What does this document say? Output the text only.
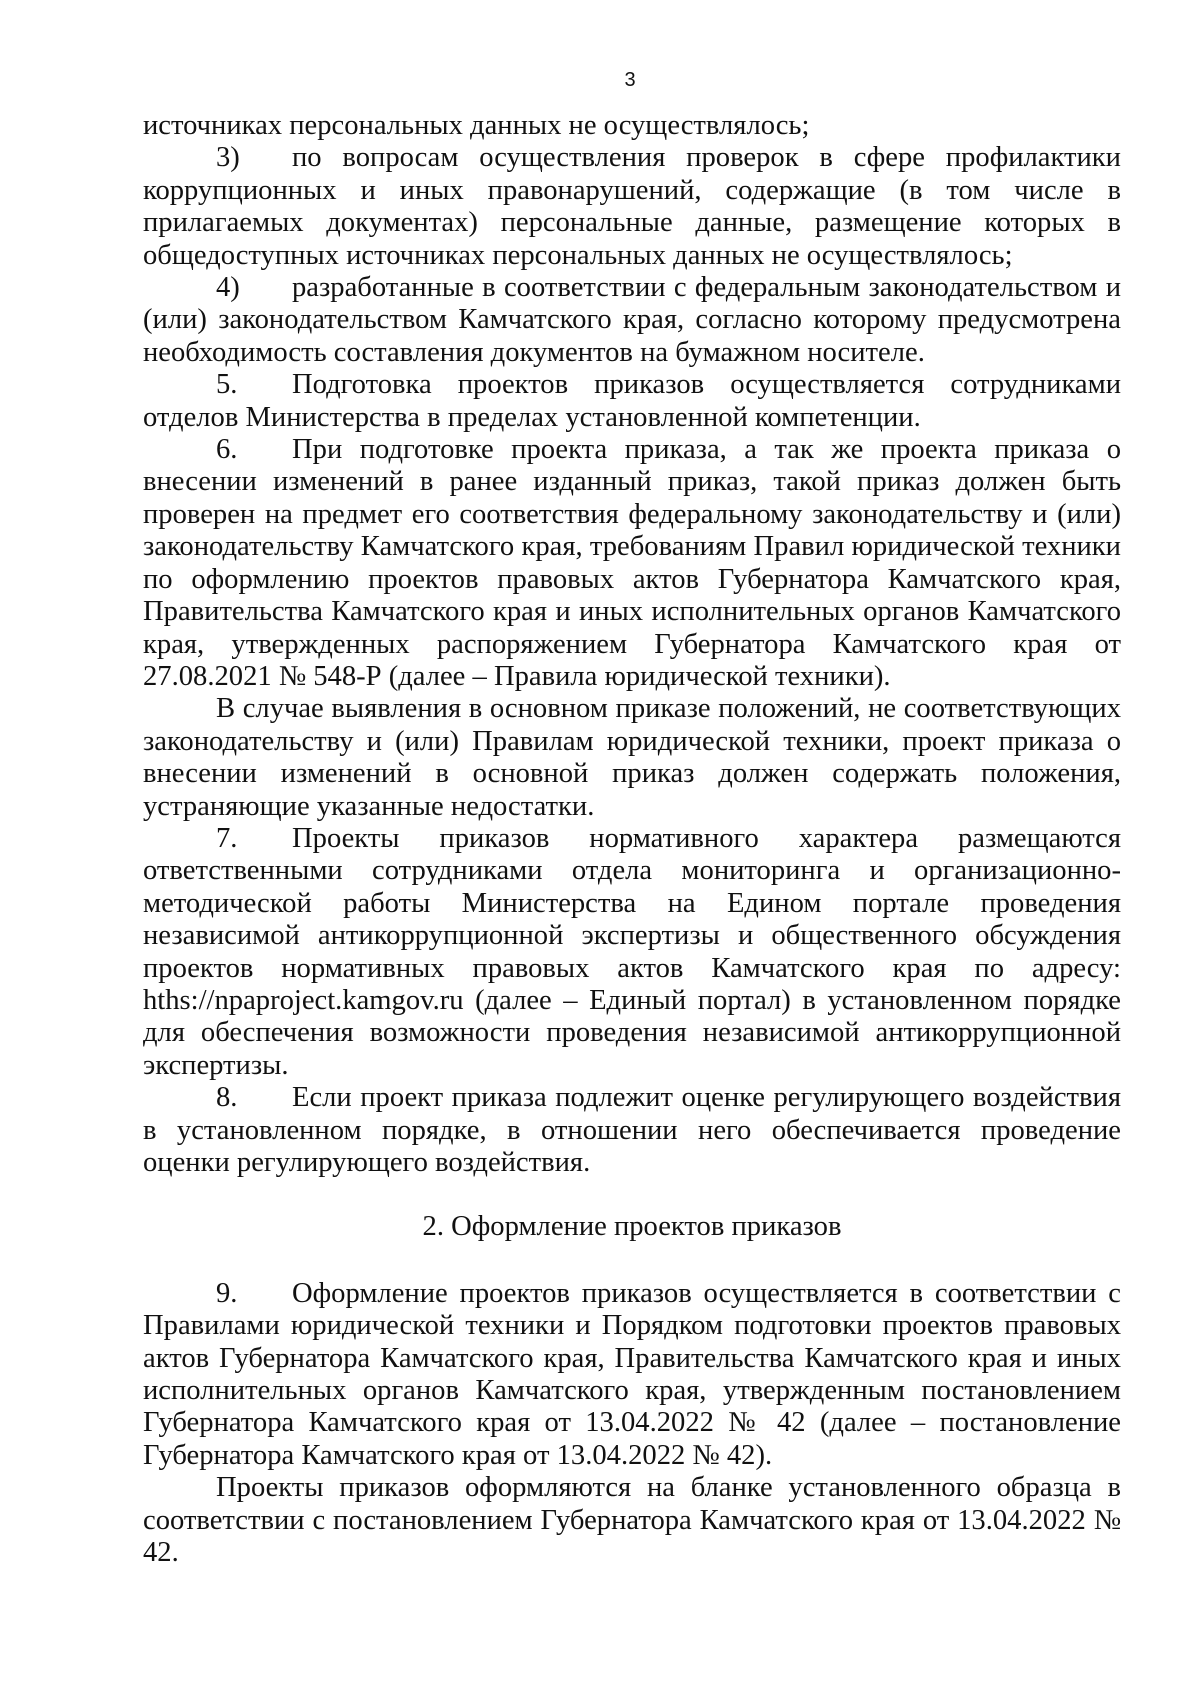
3

источниках персональных данных не осуществлялось;

3) по вопросам осуществления проверок в сфере профилактики коррупционных и иных правонарушений, содержащие (в том числе в прилагаемых документах) персональные данные, размещение которых в общедоступных источниках персональных данных не осуществлялось;

4) разработанные в соответствии с федеральным законодательством и (или) законодательством Камчатского края, согласно которому предусмотрена необходимость составления документов на бумажном носителе.

5. Подготовка проектов приказов осуществляется сотрудниками отделов Министерства в пределах установленной компетенции.

6. При подготовке проекта приказа, а так же проекта приказа о внесении изменений в ранее изданный приказ, такой приказ должен быть проверен на предмет его соответствия федеральному законодательству и (или) законодательству Камчатского края, требованиям Правил юридической техники по оформлению проектов правовых актов Губернатора Камчатского края, Правительства Камчатского края и иных исполнительных органов Камчатского края, утвержденных распоряжением Губернатора Камчатского края от 27.08.2021 № 548-Р (далее – Правила юридической техники).

В случае выявления в основном приказе положений, не соответствующих законодательству и (или) Правилам юридической техники, проект приказа о внесении изменений в основной приказ должен содержать положения, устраняющие указанные недостатки.

7. Проекты приказов нормативного характера размещаются ответственными сотрудниками отдела мониторинга и организационно-методической работы Министерства на Едином портале проведения независимой антикоррупционной экспертизы и общественного обсуждения проектов нормативных правовых актов Камчатского края по адресу: hths://npaproject.kamgov.ru (далее – Единый портал) в установленном порядке для обеспечения возможности проведения независимой антикоррупционной экспертизы.

8. Если проект приказа подлежит оценке регулирующего воздействия в установленном порядке, в отношении него обеспечивается проведение оценки регулирующего воздействия.

2. Оформление проектов приказов

9. Оформление проектов приказов осуществляется в соответствии с Правилами юридической техники и Порядком подготовки проектов правовых актов Губернатора Камчатского края, Правительства Камчатского края и иных исполнительных органов Камчатского края, утвержденным постановлением Губернатора Камчатского края от 13.04.2022 № 42 (далее – постановление Губернатора Камчатского края от 13.04.2022 № 42).

Проекты приказов оформляются на бланке установленного образца в соответствии с постановлением Губернатора Камчатского края от 13.04.2022 № 42.
